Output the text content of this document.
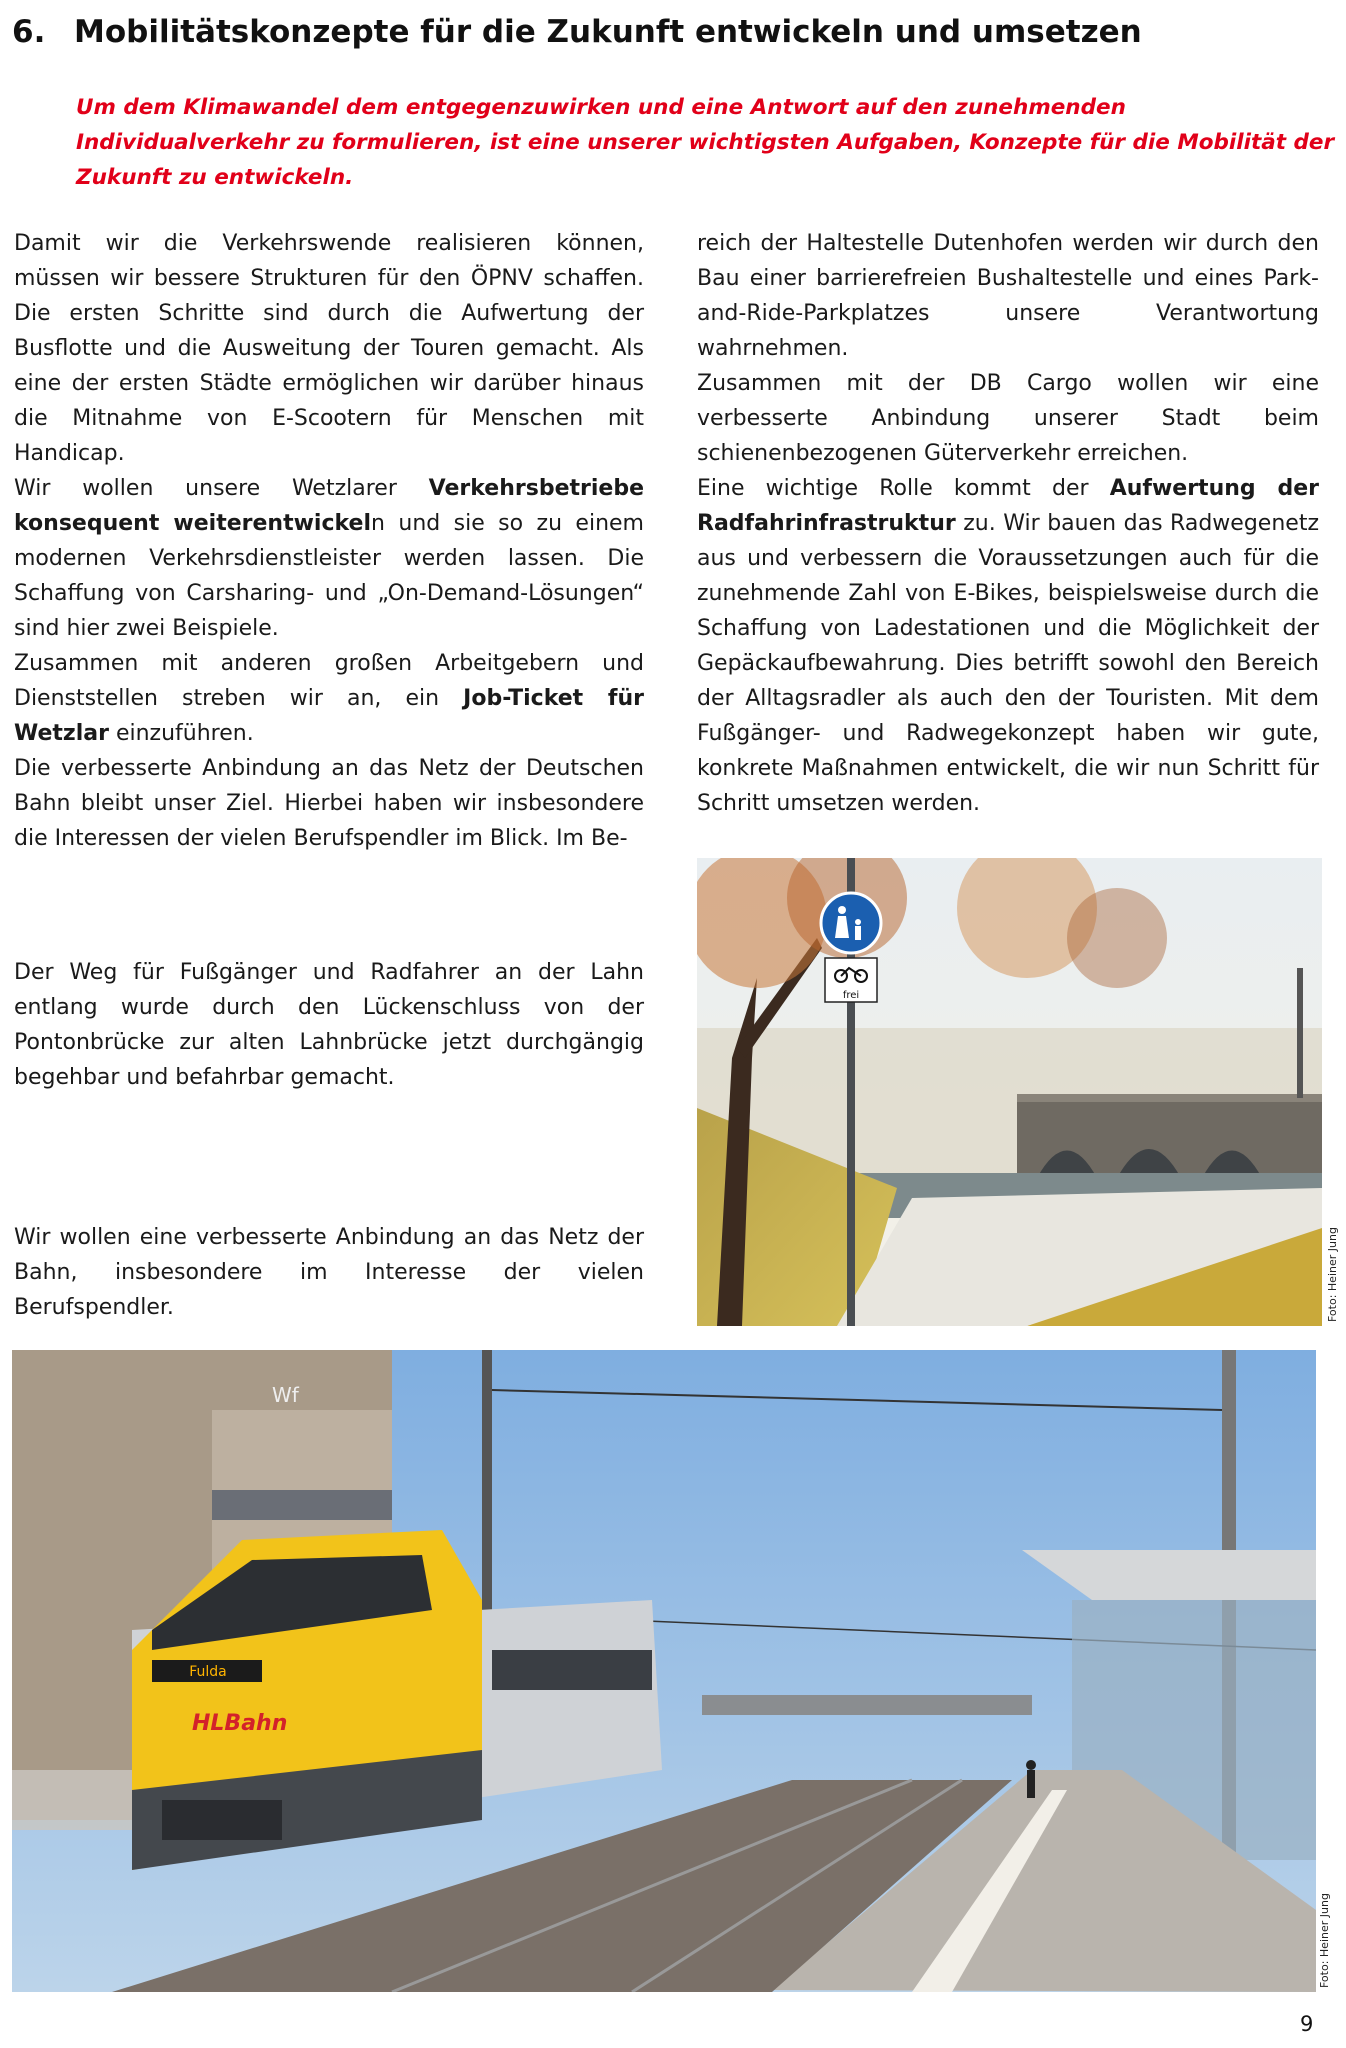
6. Mobilitätskonzepte für die Zukunft entwickeln und umsetzen
Um dem Klimawandel dem entgegenzuwirken und eine Antwort auf den zunehmenden Individualverkehr zu formulieren, ist eine unserer wichtigsten Aufgaben, Konzepte für die Mobilität der Zukunft zu entwickeln.

Damit wir die Verkehrswende realisieren können, müssen wir bessere Strukturen für den ÖPNV schaffen. Die ersten Schritte sind durch die Aufwertung der Busflotte und die Ausweitung der Touren gemacht. Als eine der ersten Städte ermöglichen wir darüber hinaus die Mitnahme von E-Scootern für Menschen mit Handicap.

Wir wollen unsere Wetzlarer Verkehrsbetriebe konsequent weiterentwickeln und sie so zu einem modernen Verkehrsdienstleister werden lassen. Die Schaffung von Carsharing- und „On-Demand-Lösungen“ sind hier zwei Beispiele.

Zusammen mit anderen großen Arbeitgebern und Dienststellen streben wir an, ein Job-Ticket für Wetzlar einzuführen.

Die verbesserte Anbindung an das Netz der Deutschen Bahn bleibt unser Ziel. Hierbei haben wir insbesondere die Interessen der vielen Berufspendler im Blick. Im Be-

reich der Haltestelle Dutenhofen werden wir durch den Bau einer barrierefreien Bushaltestelle und eines Park-and-Ride-Parkplatzes unsere Verantwortung wahrnehmen.

Zusammen mit der DB Cargo wollen wir eine verbesserte Anbindung unserer Stadt beim schienenbezogenen Güterverkehr erreichen.

Eine wichtige Rolle kommt der Aufwertung der Radfahrinfrastruktur zu. Wir bauen das Radwegenetz aus und verbessern die Voraussetzungen auch für die zunehmende Zahl von E-Bikes, beispielsweise durch die Schaffung von Ladestationen und die Möglichkeit der Gepäckaufbewahrung. Dies betrifft sowohl den Bereich der Alltagsradler als auch den der Touristen. Mit dem Fußgänger- und Radwegekonzept haben wir gute, konkrete Maßnahmen entwickelt, die wir nun Schritt für Schritt umsetzen werden.

Der Weg für Fußgänger und Radfahrer an der Lahn entlang wurde durch den Lückenschluss von der Pontonbrücke zur alten Lahnbrücke jetzt durchgängig begehbar und befahrbar gemacht.
Wir wollen eine verbesserte Anbindung an das Netz der Bahn, insbesondere im Interesse der vielen Berufspendler.
frei
Foto: Heiner Jung
Wf
Fulda
HLBahn
Foto: Heiner Jung
9
